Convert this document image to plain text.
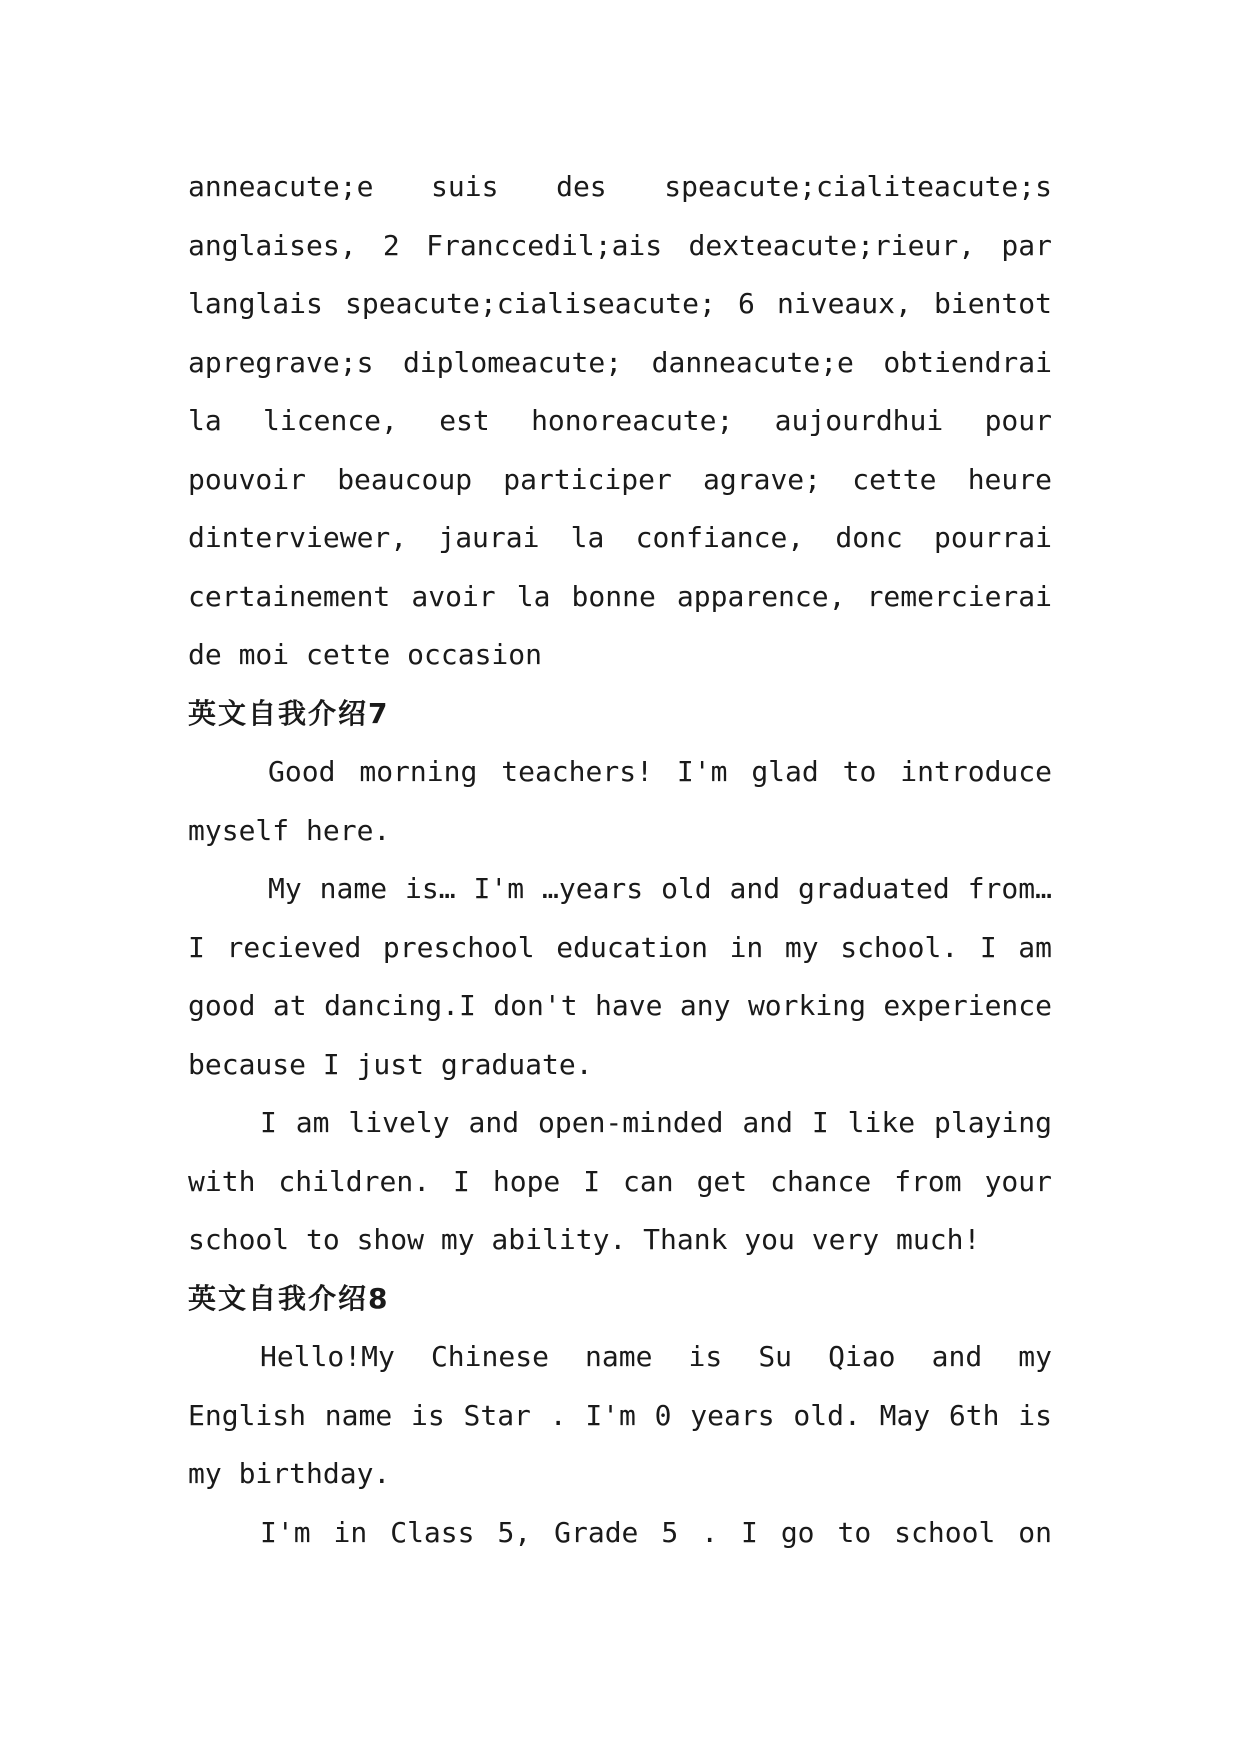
anneacute;e suis des speacute;cialiteacute;s anglaises, 2 Franccedil;ais dexteacute;rieur, par langlais speacute;cialiseacute; 6 niveaux, bientot apregrave;s diplomeacute; danneacute;e obtiendrai la licence, est honoreacute; aujourdhui pour pouvoir beaucoup participer agrave; cette heure dinterviewer, jaurai la confiance, donc pourrai certainement avoir la bonne apparence, remercierai de moi cette occasion

英文自我介绍7

Good morning teachers! I'm glad to introduce myself here.

My name is… I'm …years old and graduated from… I recieved preschool education in my school. I am good at dancing.I don't have any working experience because I just graduate.

I am lively and open-minded and I like playing with children. I hope I can get chance from your school to show my ability. Thank you very much!

英文自我介绍8

Hello!My Chinese name is Su Qiao and my English name is Star . I'm 0 years old. May 6th is my birthday.

I'm in Class 5, Grade 5 . I go to school on
